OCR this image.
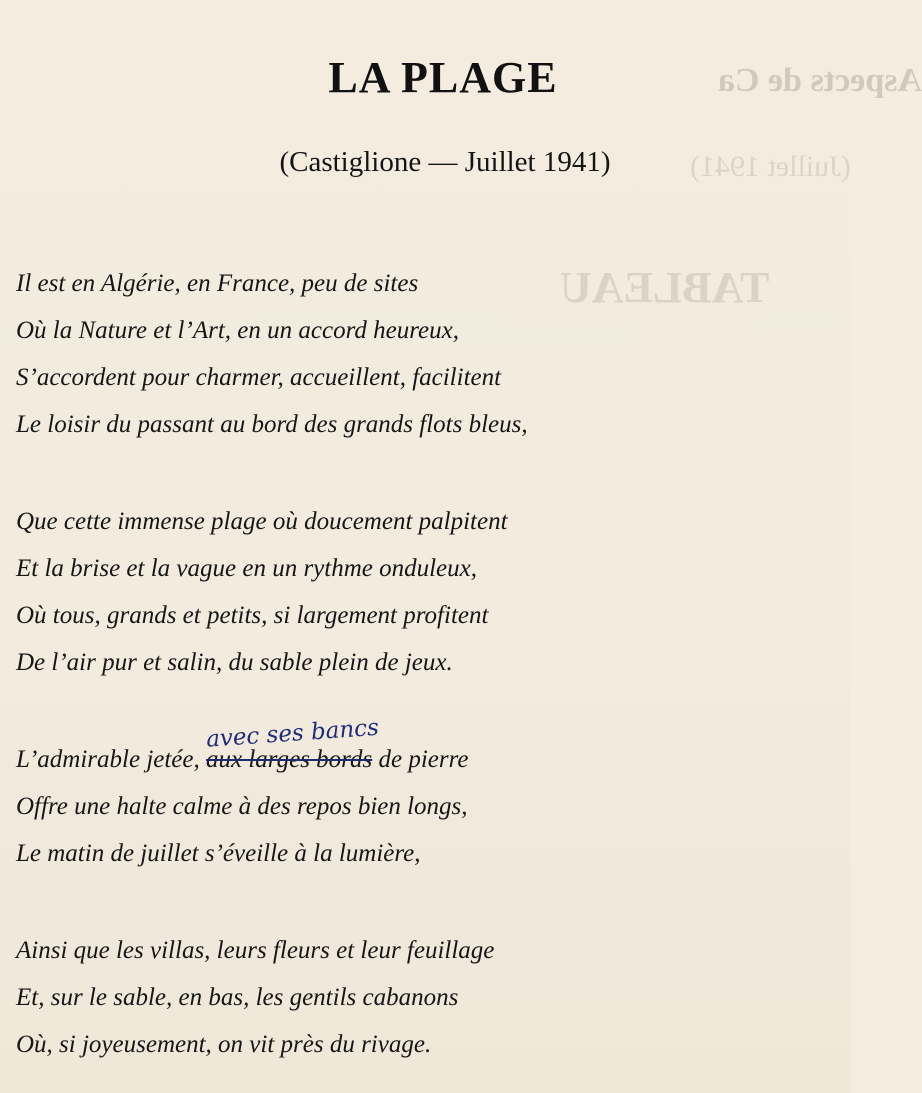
Aspects de Ca
(Juillet 1941)
TABLEAU
LA PLAGE
(Castiglione — Juillet 1941)
Il est en Algérie, en France, peu de sites
Où la Nature et l’Art, en un accord heureux,
S’accordent pour charmer, accueillent, facilitent
Le loisir du passant au bord des grands flots bleus,
Que cette immense plage où doucement palpitent
Et la brise et la vague en un rythme onduleux,
Où tous, grands et petits, si largement profitent
De l’air pur et salin, du sable plein de jeux.
L’admirable jetée, aux larges bords
avec ses bancs
de pierre
Offre une halte calme à des repos bien longs,
Le matin de juillet s’éveille à la lumière,
Ainsi que les villas, leurs fleurs et leur feuillage
Et, sur le sable, en bas, les gentils cabanons
Où, si joyeusement, on vit près du rivage.
